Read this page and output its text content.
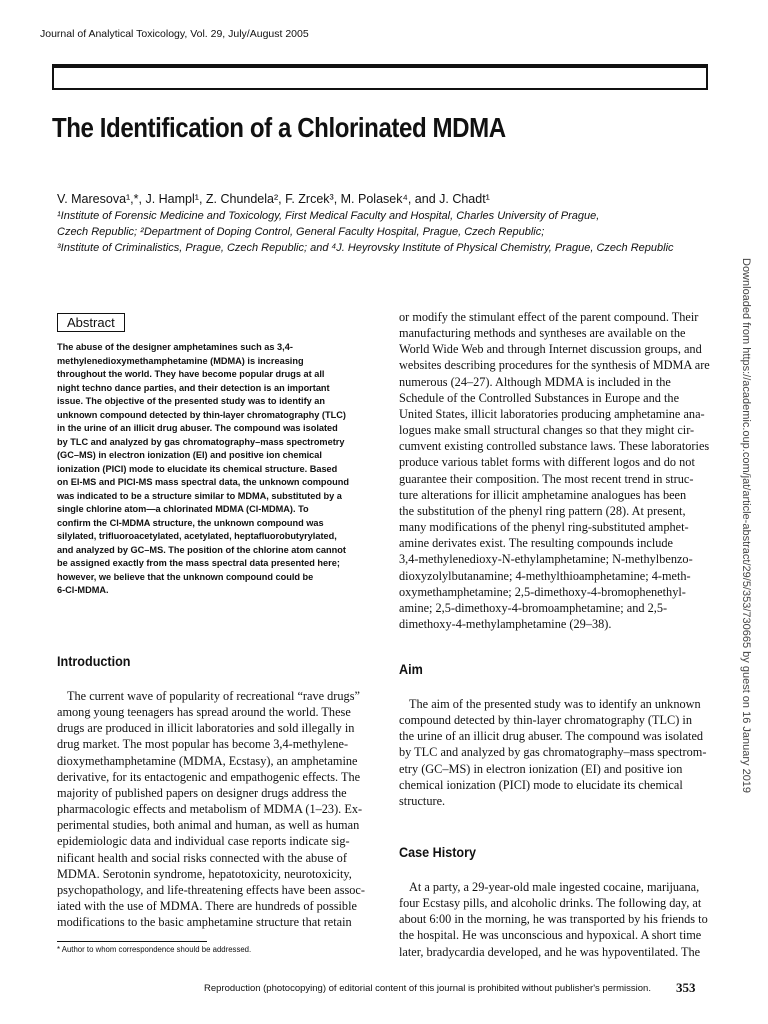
Journal of Analytical Toxicology, Vol. 29, July/August 2005
The Identification of a Chlorinated MDMA
V. Maresova¹,*, J. Hampl¹, Z. Chundela², F. Zrcek³, M. Polasek⁴, and J. Chadt¹
¹Institute of Forensic Medicine and Toxicology, First Medical Faculty and Hospital, Charles University of Prague,
Czech Republic; ²Department of Doping Control, General Faculty Hospital, Prague, Czech Republic;
³Institute of Criminalistics, Prague, Czech Republic; and ⁴J. Heyrovsky Institute of Physical Chemistry, Prague, Czech Republic
Downloaded from https://academic.oup.com/jat/article-abstract/29/5/353/730665 by guest on 16 January 2019
Abstract
The abuse of the designer amphetamines such as 3,4-
methylenedioxymethamphetamine (MDMA) is increasing
throughout the world. They have become popular drugs at all
night techno dance parties, and their detection is an important
issue. The objective of the presented study was to identify an
unknown compound detected by thin-layer chromatography (TLC)
in the urine of an illicit drug abuser. The compound was isolated
by TLC and analyzed by gas chromatography–mass spectrometry
(GC–MS) in electron ionization (EI) and positive ion chemical
ionization (PICI) mode to elucidate its chemical structure. Based
on EI-MS and PICI-MS mass spectral data, the unknown compound
was indicated to be a structure similar to MDMA, substituted by a
single chlorine atom—a chlorinated MDMA (Cl-MDMA). To
confirm the Cl-MDMA structure, the unknown compound was
silylated, trifluoroacetylated, acetylated, heptafluorobutyrylated,
and analyzed by GC–MS. The position of the chlorine atom cannot
be assigned exactly from the mass spectral data presented here;
however, we believe that the unknown compound could be
6-Cl-MDMA.
Introduction
The current wave of popularity of recreational “rave drugs”
among young teenagers has spread around the world. These
drugs are produced in illicit laboratories and sold illegally in
drug market. The most popular has become 3,4-methylene-
dioxymethamphetamine (MDMA, Ecstasy), an amphetamine
derivative, for its entactogenic and empathogenic effects. The
majority of published papers on designer drugs address the
pharmacologic effects and metabolism of MDMA (1–23). Ex-
perimental studies, both animal and human, as well as human
epidemiologic data and individual case reports indicate sig-
nificant health and social risks connected with the abuse of
MDMA. Serotonin syndrome, hepatotoxicity, neurotoxicity,
psychopathology, and life-threatening effects have been assoc-
iated with the use of MDMA. There are hundreds of possible
modifications to the basic amphetamine structure that retain
or modify the stimulant effect of the parent compound. Their
manufacturing methods and syntheses are available on the
World Wide Web and through Internet discussion groups, and
websites describing procedures for the synthesis of MDMA are
numerous (24–27). Although MDMA is included in the
Schedule of the Controlled Substances in Europe and the
United States, illicit laboratories producing amphetamine ana-
logues make small structural changes so that they might cir-
cumvent existing controlled substance laws. These laboratories
produce various tablet forms with different logos and do not
guarantee their composition. The most recent trend in struc-
ture alterations for illicit amphetamine analogues has been
the substitution of the phenyl ring pattern (28). At present,
many modifications of the phenyl ring-substituted amphet-
amine derivates exist. The resulting compounds include
3,4-methylenedioxy-N-ethylamphetamine; N-methylbenzo-
dioxyzolylbutanamine; 4-methylthioamphetamine; 4-meth-
oxymethamphetamine; 2,5-dimethoxy-4-bromophenethyl-
amine; 2,5-dimethoxy-4-bromoamphetamine; and 2,5-
dimethoxy-4-methylamphetamine (29–38).
Aim
The aim of the presented study was to identify an unknown
compound detected by thin-layer chromatography (TLC) in
the urine of an illicit drug abuser. The compound was isolated
by TLC and analyzed by gas chromatography–mass spectrom-
etry (GC–MS) in electron ionization (EI) and positive ion
chemical ionization (PICI) mode to elucidate its chemical
structure.
Case History
At a party, a 29-year-old male ingested cocaine, marijuana,
four Ecstasy pills, and alcoholic drinks. The following day, at
about 6:00 in the morning, he was transported by his friends to
the hospital. He was unconscious and hypoxical. A short time
later, bradycardia developed, and he was hypoventilated. The
* Author to whom correspondence should be addressed.
Reproduction (photocopying) of editorial content of this journal is prohibited without publisher's permission. 353
